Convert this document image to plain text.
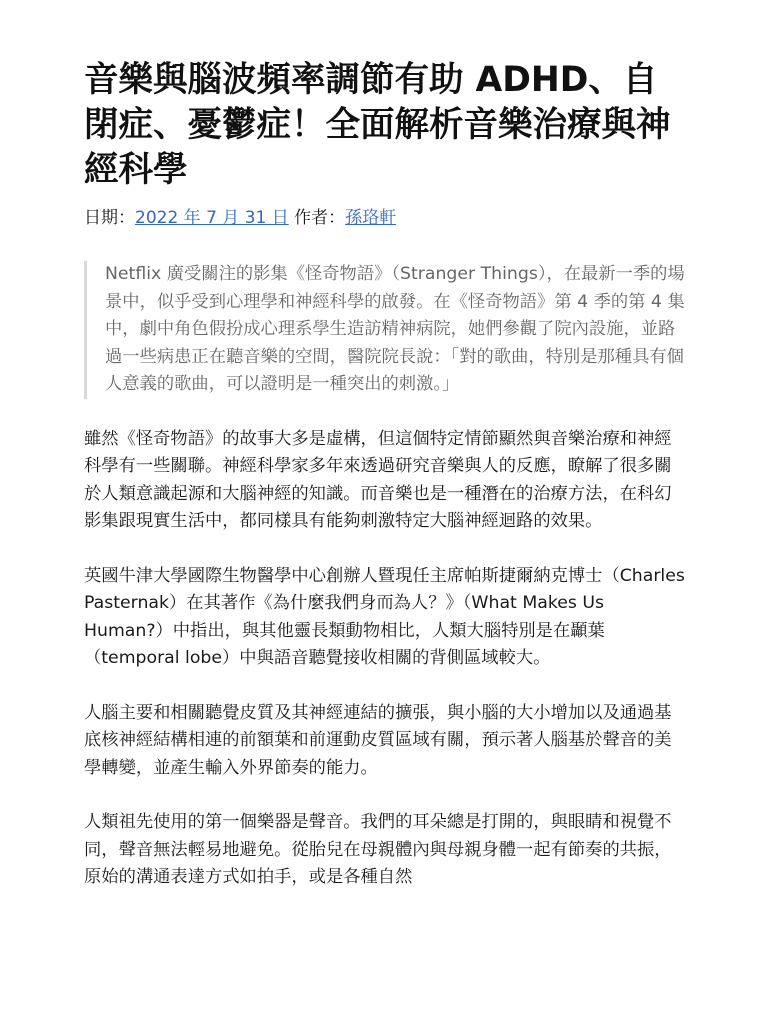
音樂與腦波頻率調節有助 ADHD、自閉症、憂鬱症！全面解析音樂治療與神經科學
日期：2022 年 7 月 31 日 作者：孫珞軒
Netflix 廣受關注的影集《怪奇物語》（Stranger Things），在最新一季的場景中，似乎受到心理學和神經科學的啟發。在《怪奇物語》第 4 季的第 4 集中，劇中角色假扮成心理系學生造訪精神病院，她們參觀了院內設施，並路過一些病患正在聽音樂的空間，醫院院長說：「對的歌曲，特別是那種具有個人意義的歌曲，可以證明是一種突出的刺激。」

雖然《怪奇物語》的故事大多是虛構，但這個特定情節顯然與音樂治療和神經科學有一些關聯。神經科學家多年來透過研究音樂與人的反應，瞭解了很多關於人類意識起源和大腦神經的知識。而音樂也是一種潛在的治療方法，在科幻影集跟現實生活中，都同樣具有能夠刺激特定大腦神經迴路的效果。

英國牛津大學國際生物醫學中心創辦人暨現任主席帕斯捷爾納克博士（Charles Pasternak）在其著作《為什麼我們身而為人？》（What Makes Us Human?）中指出，與其他靈長類動物相比，人類大腦特別是在顳葉（temporal lobe）中與語音聽覺接收相關的背側區域較大。

人腦主要和相關聽覺皮質及其神經連結的擴張，與小腦的大小增加以及通過基底核神經結構相連的前額葉和前運動皮質區域有關，預示著人腦基於聲音的美學轉變，並產生輸入外界節奏的能力。

人類祖先使用的第一個樂器是聲音。我們的耳朵總是打開的，與眼睛和視覺不同，聲音無法輕易地避免。從胎兒在母親體內與母親身體一起有節奏的共振，原始的溝通表達方式如拍手，或是各種自然
